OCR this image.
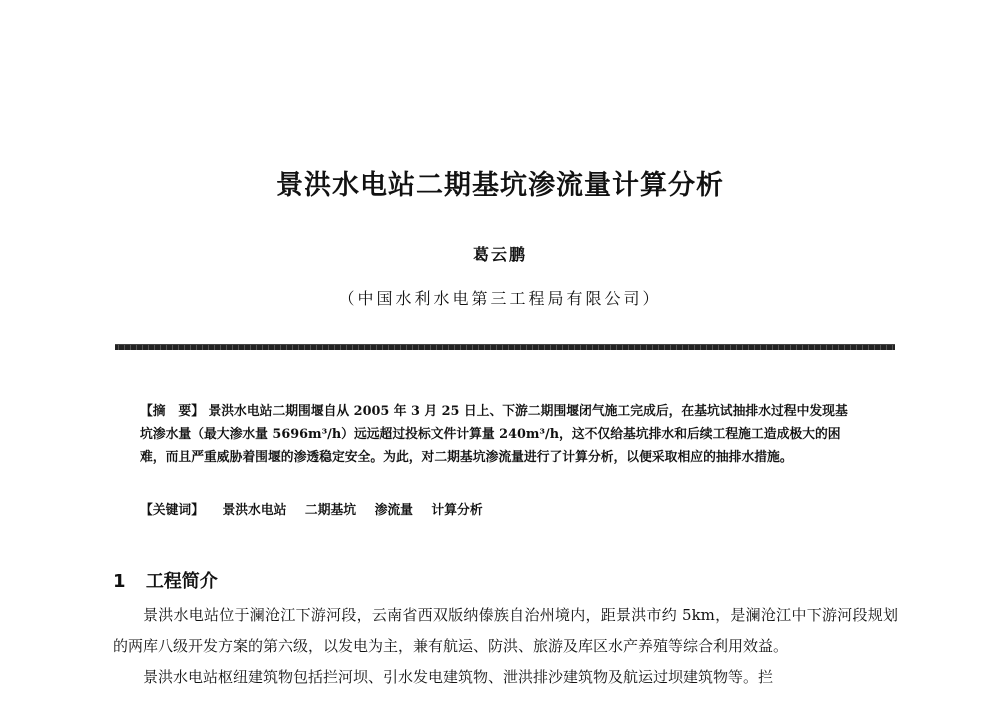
景洪水电站二期基坑渗流量计算分析
葛云鹏
（中国水利水电第三工程局有限公司）
【摘　要】 景洪水电站二期围堰自从 2005 年 3 月 25 日上、下游二期围堰闭气施工完成后，在基坑试抽排水过程中发现基坑渗水量（最大渗水量 5696m³/h）远远超过投标文件计算量 240m³/h，这不仅给基坑排水和后续工程施工造成极大的困难，而且严重威胁着围堰的渗透稳定安全。为此，对二期基坑渗流量进行了计算分析，以便采取相应的抽排水措施。
【关键词】 景洪水电站 二期基坑 渗流量 计算分析
1 工程简介

景洪水电站位于澜沧江下游河段，云南省西双版纳傣族自治州境内，距景洪市约 5km，是澜沧江中下游河段规划的两库八级开发方案的第六级，以发电为主，兼有航运、防洪、旅游及库区水产养殖等综合利用效益。

景洪水电站枢纽建筑物包括拦河坝、引水发电建筑物、泄洪排沙建筑物及航运过坝建筑物等。拦
